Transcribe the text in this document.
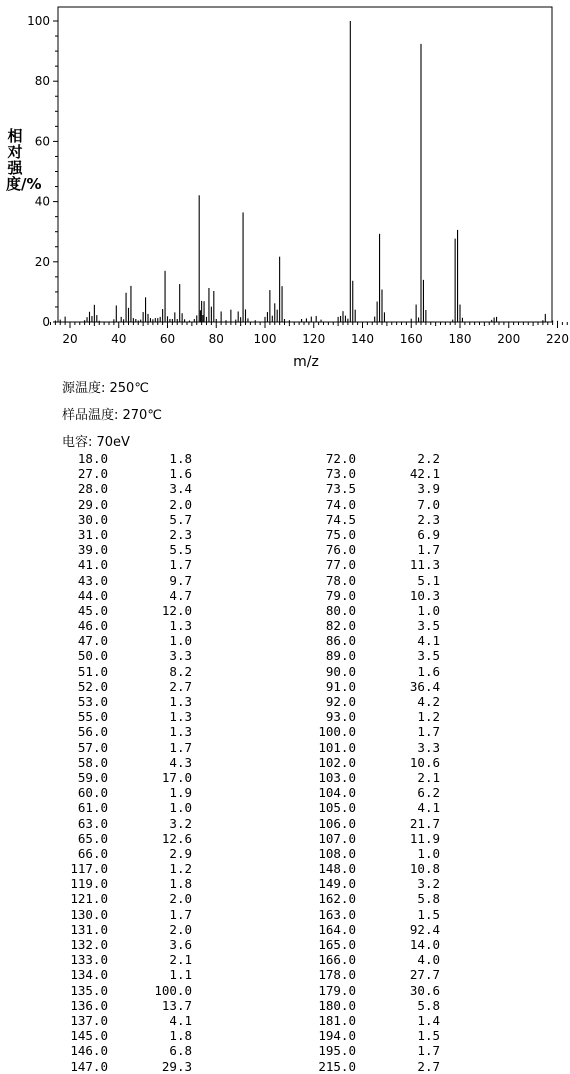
20	40	60	80 100 120 140 160 180 200 220
0
20
40
60
80
100
m/z
相对强度/%
源温度: 250℃
样品温度: 270℃
电容: 70eV
18.0	1.8
27.0	1.6
28.0	3.4
29.0	2.0
30.0	5.7
31.0	2.3
39.0	5.5
41.0	1.7
43.0	9.7
44.0	4.7
45.0	12.0
46.0	1.3
47.0	1.0
50.0	3.3
51.0	8.2
52.0	2.7
53.0	1.3
55.0	1.3
56.0	1.3
57.0	1.7
58.0	4.3
59.0	17.0
60.0	1.9
61.0	1.0
63.0	3.2
65.0	12.6
66.0	2.9
117.0	1.2
119.0	1.8
121.0	2.0
130.0	1.7
131.0	2.0
132.0	3.6
133.0	2.1
134.0	1.1
135.0	100.0
136.0	13.7
137.0	4.1
145.0	1.8
146.0	6.8
147.0	29.3
72.0	2.2
73.0	42.1
73.5	3.9
74.0	7.0
74.5	2.3
75.0	6.9
76.0	1.7
77.0	11.3
78.0	5.1
79.0	10.3
80.0	1.0
82.0	3.5
86.0	4.1
89.0	3.5
90.0	1.6
91.0	36.4
92.0	4.2
93.0	1.2
100.0	1.7
101.0	3.3
102.0	10.6
103.0	2.1
104.0	6.2
105.0	4.1
106.0	21.7
107.0	11.9
108.0	1.0
148.0	10.8
149.0	3.2
162.0	5.8
163.0	1.5
164.0	92.4
165.0	14.0
166.0	4.0
178.0	27.7
179.0	30.6
180.0	5.8
181.0	1.4
194.0	1.5
195.0	1.7
215.0	2.7
